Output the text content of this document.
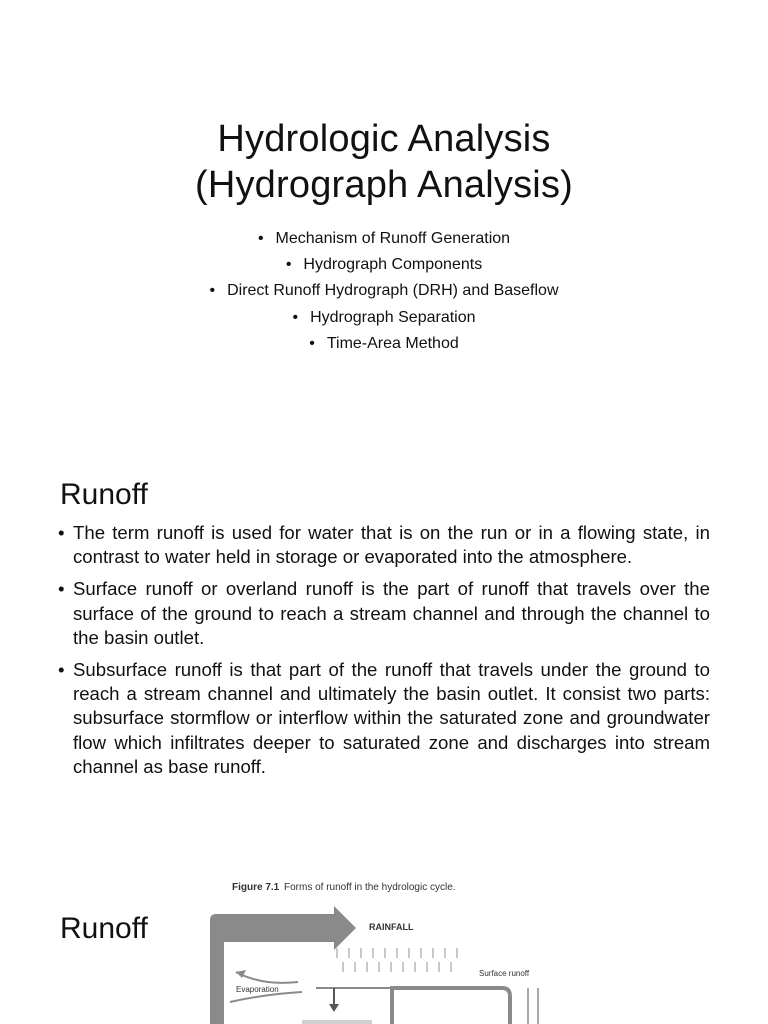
Hydrologic Analysis
(Hydrograph Analysis)
• Mechanism of Runoff Generation
• Hydrograph Components
• Direct Runoff Hydrograph (DRH) and Baseflow
• Hydrograph Separation
• Time-Area Method
Runoff
• The term runoff is used for water that is on the run or in a flowing state, in contrast to water held in storage or evaporated into the atmosphere.
• Surface runoff or overland runoff is the part of runoff that travels over the surface of the ground to reach a stream channel and through the channel to the basin outlet.
• Subsurface runoff is that part of the runoff that travels under the ground to reach a stream channel and ultimately the basin outlet. It consist two parts: subsurface stormflow or interflow within the saturated zone and groundwater flow which infiltrates deeper to saturated zone and discharges into stream channel as base runoff.
Runoff
Figure 7.1 Forms of runoff in the hydrologic cycle.
RAINFALL
Surface runoff
Evaporation
